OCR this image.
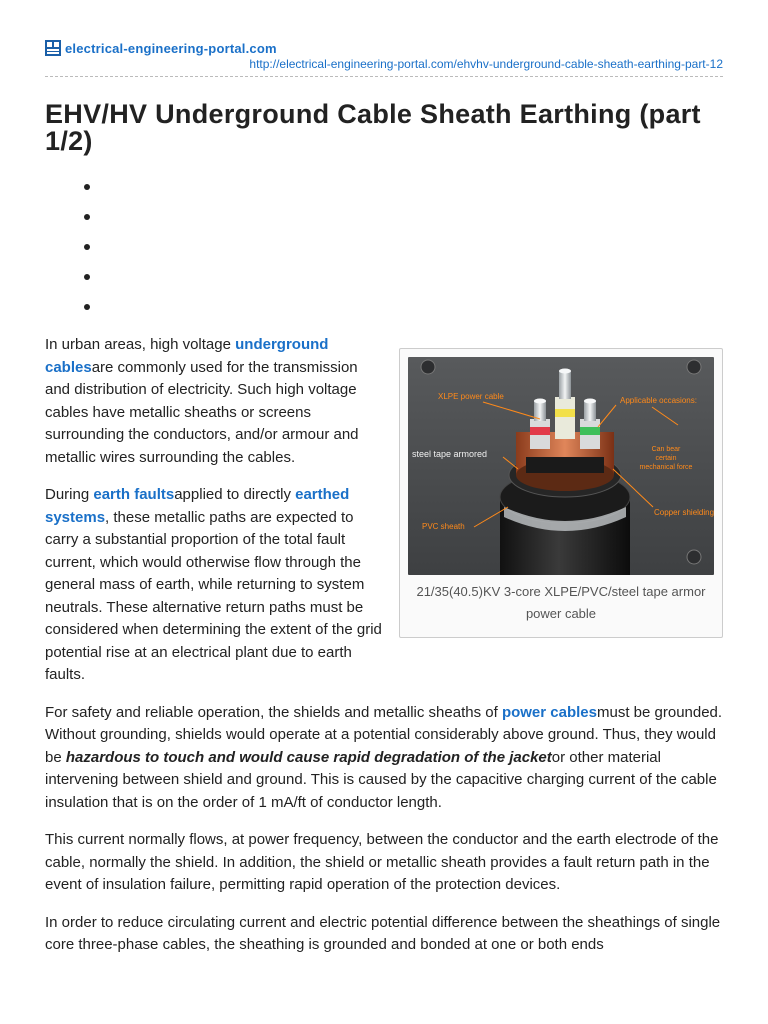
electrical-engineering-portal.com
http://electrical-engineering-portal.com/ehvhv-underground-cable-sheath-earthing-part-12
EHV/HV Underground Cable Sheath Earthing (part 1/2)
XLPE power cable	Applicable occasions:
steel tape armored	Can bear
certain
mechanical force
Copper shielding
PVC sheath
21/35(40.5)KV 3-core XLPE/PVC/steel tape armor power cable

In urban areas, high voltage underground cablesare commonly used for the transmission and distribution of electricity. Such high voltage cables have metallic sheaths or screens surrounding the conductors, and/or armour and metallic wires surrounding the cables.

During earth faultsapplied to directly earthed systems, these metallic paths are expected to carry a substantial proportion of the total fault current, which would otherwise flow through the general mass of earth, while returning to system neutrals. These alternative return paths must be considered when determining the extent of the grid potential rise at an electrical plant due to earth faults.

For safety and reliable operation, the shields and metallic sheaths of power cablesmust be grounded. Without grounding, shields would operate at a potential considerably above ground. Thus, they would be hazardous to touch and would cause rapid degradation of the jacketor other material intervening between shield and ground. This is caused by the capacitive charging current of the cable insulation that is on the order of 1 mA/ft of conductor length.

This current normally flows, at power frequency, between the conductor and the earth electrode of the cable, normally the shield. In addition, the shield or metallic sheath provides a fault return path in the event of insulation failure, permitting rapid operation of the protection devices.

In order to reduce circulating current and electric potential difference between the sheathings of single core three-phase cables, the sheathing is grounded and bonded at one or both ends
